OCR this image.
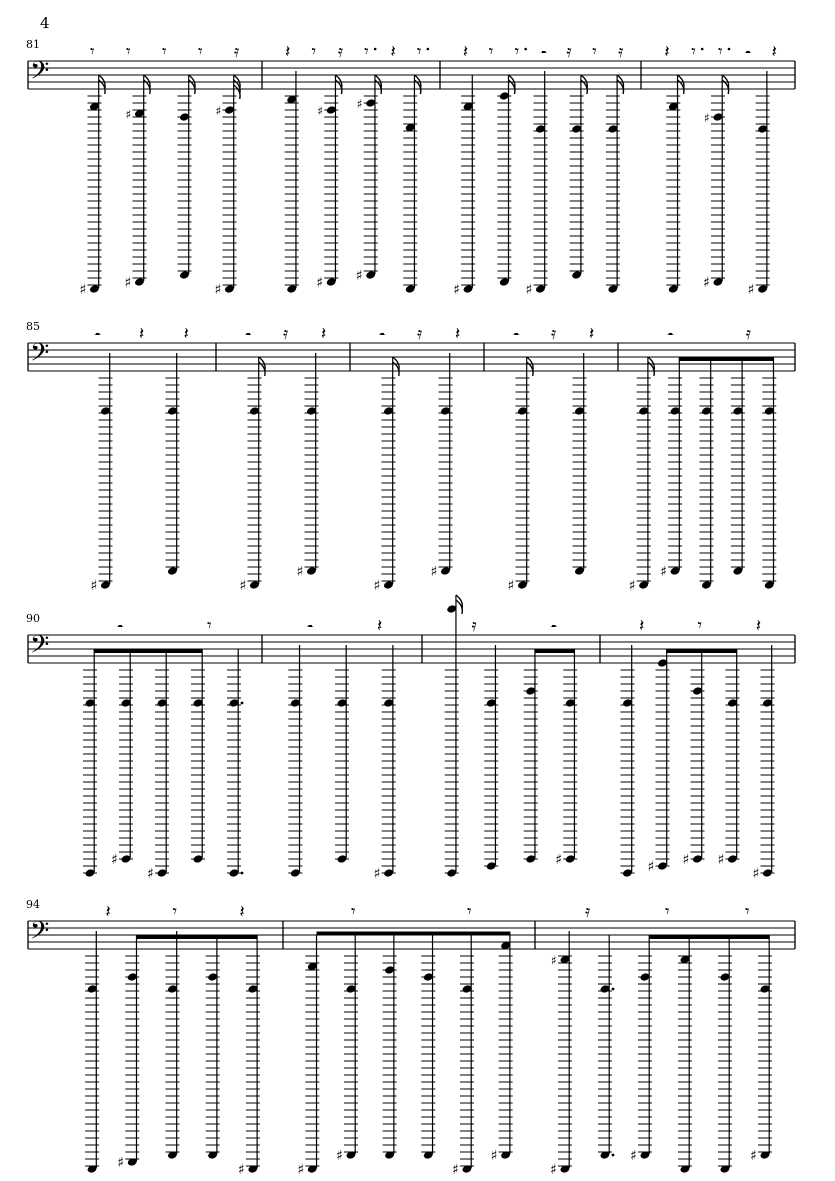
4
81
𝄢
𝄾 𝄾 𝄾 𝄾 𝄿
♯	♯
♯
♯
♯
𝄽 𝄾 𝄿 𝄾 𝄽 𝄾
♯
♯
♯
♯
𝄽 𝄾 𝄾 𝄼 𝄿 𝄾 𝄿
♯	♯
𝄽 𝄾 𝄾 𝄼 𝄽
♯
♯
♯
85
𝄢
𝄼 𝄽 𝄽
♯
𝄼 𝄿 𝄽
♯
♯
𝄼 𝄿 𝄽
♯
♯
𝄼 𝄿 𝄽
♯
𝄼	𝄿
♯
♯
90
𝄢
𝄼	𝄾
♯
♯
𝄼	𝄽
♯
𝄿	𝄼
♯
𝄽	𝄾	𝄽
♯ ♯ ♯
♯
94
𝄢
𝄽	𝄾	𝄽
♯	♯
𝄾	𝄾
♯
♯
♯
♯
𝄿	𝄾	𝄾
♯
♯
♯	♯
